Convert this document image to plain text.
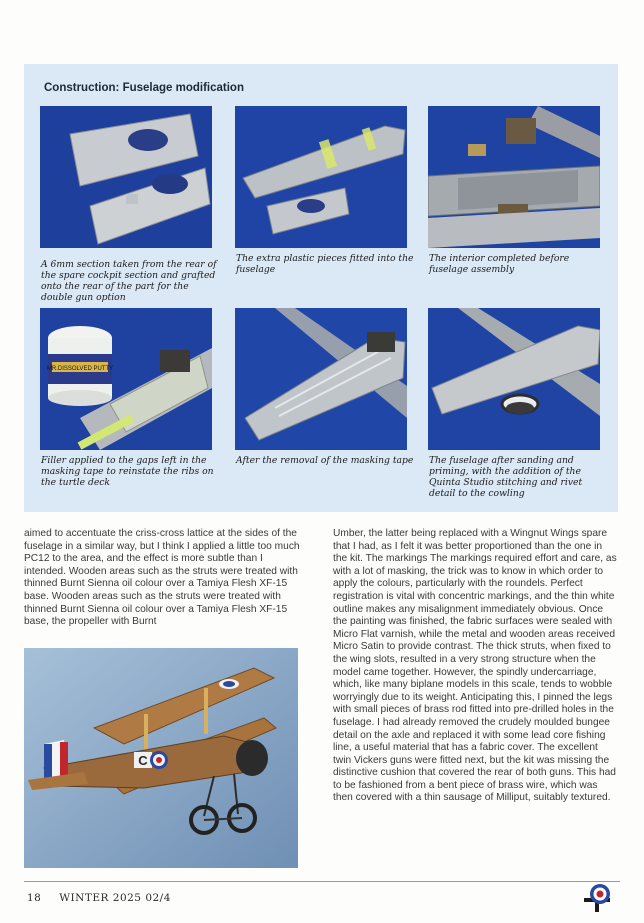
Construction: Fuselage modification
A 6mm section taken from the rear of the spare cockpit section and grafted onto the rear of the part for the double gun option
The extra plastic pieces fitted into the fuselage
The interior completed before fuselage assembly
MR.DISSOLVED PUTTY
Filler applied to the gaps left in the masking tape to reinstate the ribs on the turtle deck
After the removal of the masking tape The fuselage after sanding and priming, with the addition of the Quinta Studio stitching and rivet detail to the cowling
aimed to accentuate the criss-cross lattice at the sides of the fuselage in a similar way, but I think I applied a little too much PC12 to the area, and the effect is more subtle than I intended. Wooden areas such as the struts were treated with thinned Burnt Sienna oil colour over a Tamiya Flesh XF-15 base. Wooden areas such as the struts were treated with thinned Burnt Sienna oil colour over a Tamiya Flesh XF-15 base, the propeller with Burnt
Umber, the latter being replaced with a Wingnut Wings spare that I had, as I felt it was better proportioned than the one in the kit. The markings The markings required effort and care, as with a lot of masking, the trick was to know in which order to apply the colours, particularly with the roundels. Perfect registration is vital with concentric markings, and the thin white outline makes any misalignment immediately obvious. Once the painting was finished, the fabric surfaces were sealed with Micro Flat varnish, while the metal and wooden areas received Micro Satin to provide contrast. The thick struts, when fixed to the wing slots, resulted in a very strong structure when the model came together. However, the spindly undercarriage, which, like many biplane models in this scale, tends to wobble worryingly due to its weight. Anticipating this, I pinned the legs with small pieces of brass rod fitted into pre-drilled holes in the fuselage. I had already removed the crudely moulded bungee detail on the axle and replaced it with some lead core fishing line, a useful material that has a fabric cover. The excellent twin Vickers guns were fitted next, but the kit was missing the distinctive cushion that covered the rear of both guns. This had to be fashioned from a bent piece of brass wire, which was then covered with a thin sausage of Milliput, suitably textured.
C
18 WINTER 2025 02/4
